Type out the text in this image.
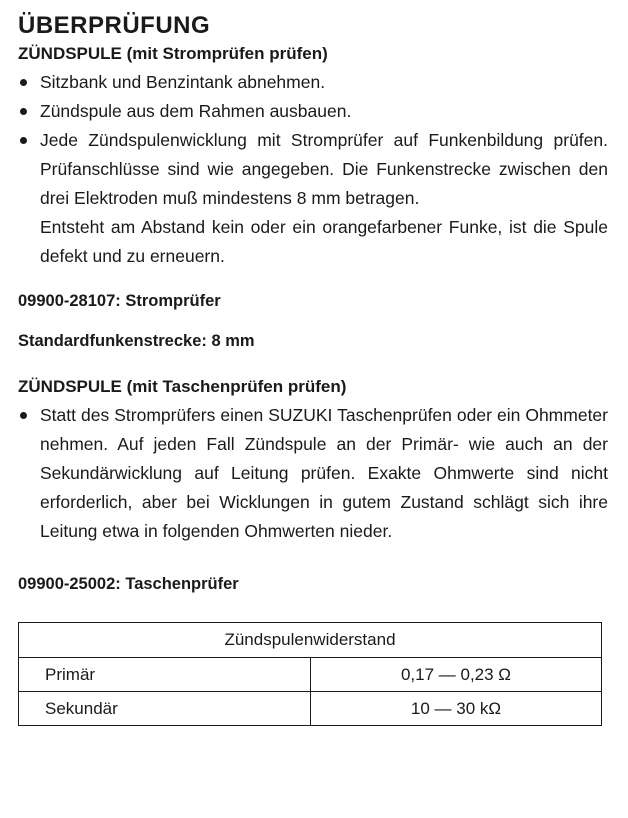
ÜBERPRÜFUNG
ZÜNDSPULE (mit Stromprüfen prüfen)
Sitzbank und Benzintank abnehmen.
Zündspule aus dem Rahmen ausbauen.
Jede Zündspulenwicklung mit Stromprüfer auf Funkenbildung prüfen. Prüfanschlüsse sind wie angegeben. Die Funkenstrecke zwischen den drei Elektroden muß mindestens 8 mm betragen.
Entsteht am Abstand kein oder ein orangefarbener Funke, ist die Spule defekt und zu erneuern.
09900-28107: Stromprüfer
Standardfunkenstrecke: 8 mm
ZÜNDSPULE (mit Taschenprüfen prüfen)
Statt des Stromprüfers einen SUZUKI Taschenprüfen oder ein Ohmmeter nehmen. Auf jeden Fall Zündspule an der Primär- wie auch an der Sekundärwicklung auf Leitung prüfen. Exakte Ohmwerte sind nicht erforderlich, aber bei Wicklungen in gutem Zustand schlägt sich ihre Leitung etwa in folgenden Ohmwerten nieder.
09900-25002: Taschenprüfer
Zündspulenwiderstand	
Primär	0,17 — 0,23 Ω
Sekundär	10 — 30 kΩ
